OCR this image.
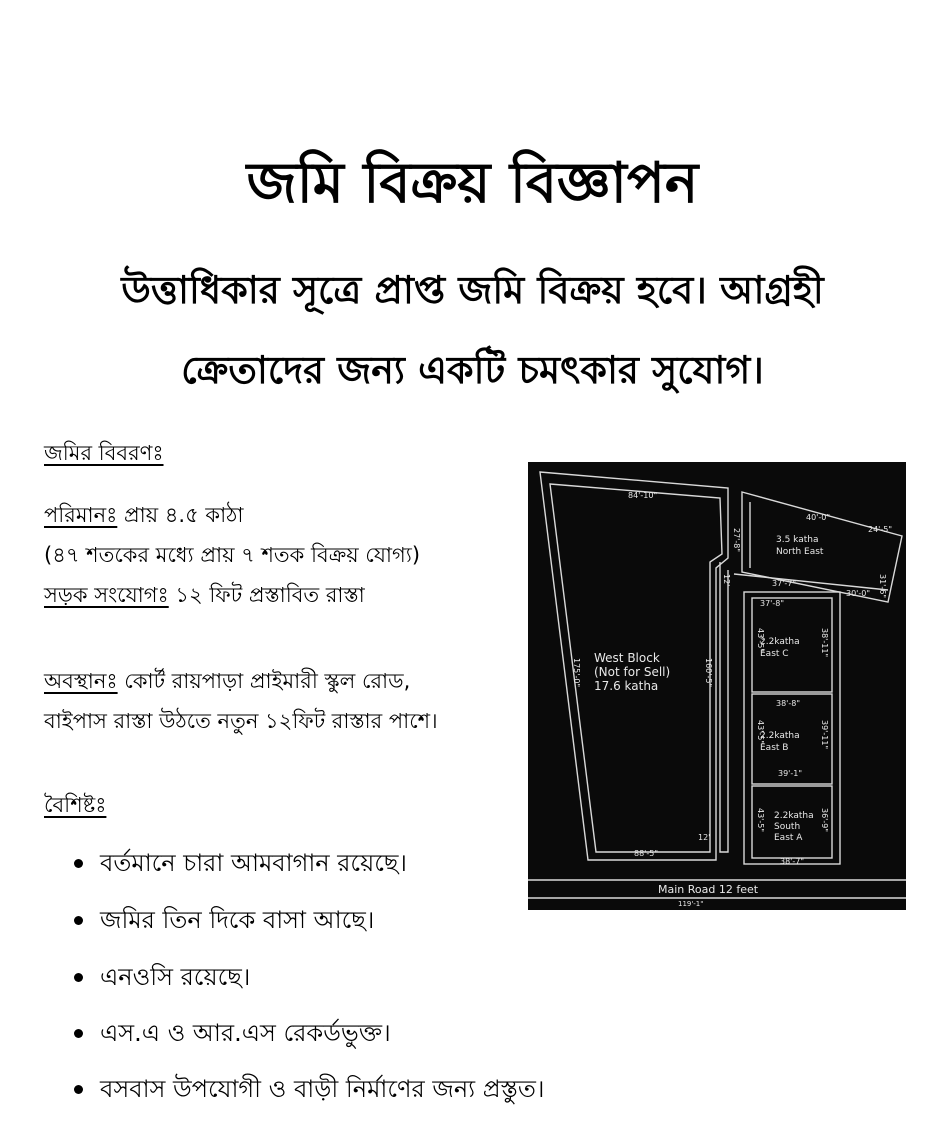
জমি বিক্রয় বিজ্ঞাপন
উত্তাধিকার সূত্রে প্রাপ্ত জমি বিক্রয় হবে। আগ্রহী
ক্রেতাদের জন্য একটি চমৎকার সুযোগ।
জমির বিবরণঃ
পরিমানঃ প্রায় ৪.৫ কাঠা
(৪৭ শতকের মধ্যে প্রায় ৭ শতক বিক্রয় যোগ্য)
সড়ক সংযোগঃ ১২ ফিট প্রস্তাবিত রাস্তা
অবস্থানঃ কোর্ট রায়পাড়া প্রাইমারী স্কুল রোড,
বাইপাস রাস্তা উঠতে নতুন ১২ফিট রাস্তার পাশে।
বৈশিষ্টঃ
বর্তমানে চারা আমবাগান রয়েছে।
জমির তিন দিকে বাসা আছে।
এনওসি রয়েছে।
এস.এ ও আর.এস রেকর্ডভুক্ত।
বসবাস উপযোগী ও বাড়ী নির্মাণের জন্য প্রস্তুত।
West Block
(Not for Sell)
17.6 katha
3.5 katha
North East
2.2katha
East C
2.2katha
East B
2.2katha
South
East A
Main Road 12 feet
84'-10"
40'-0"
24'-5"
31'-6"
27'-8"
37'-7"
30'-0"
37'-8"
43'-5"	38'-11"
38'-8"
43'-5"	39'-11"
39'-1"
43'-5"	36'-9"
38'-7"
175'-0"	160'-5"
88'-5"
12'
12'
119'-1"
